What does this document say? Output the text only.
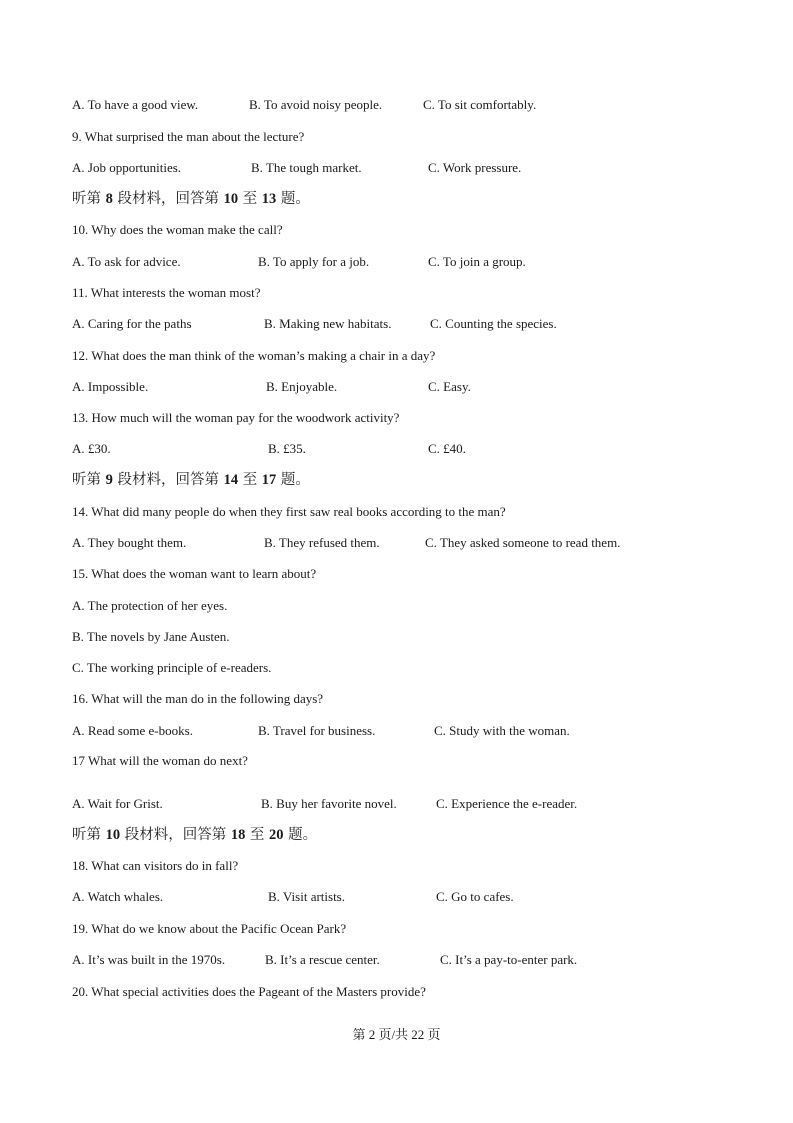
A. To have a good view.	B. To avoid noisy people.	C. To sit comfortably.
9. What surprised the man about the lecture?
A. Job opportunities.	B. The tough market.	C. Work pressure.
听第 8 段材料，回答第 10 至 13 题。
10. Why does the woman make the call?
A. To ask for advice.	B. To apply for a job.	C. To join a group.
11. What interests the woman most?
A. Caring for the paths	B. Making new habitats.	C. Counting the species.
12. What does the man think of the woman’s making a chair in a day?
A. Impossible.	B. Enjoyable.	C. Easy.
13. How much will the woman pay for the woodwork activity?
A. £30.	B. £35.	C. £40.
听第 9 段材料，回答第 14 至 17 题。
14. What did many people do when they first saw real books according to the man?
A. They bought them.	B. They refused them.	C. They asked someone to read them.
15. What does the woman want to learn about?
A. The protection of her eyes.
B. The novels by Jane Austen.
C. The working principle of e-readers.
16. What will the man do in the following days?
A. Read some e-books.	B. Travel for business.	C. Study with the woman.
17 What will the woman do next?
A. Wait for Grist.	B. Buy her favorite novel.	C. Experience the e-reader.
听第 10 段材料，回答第 18 至 20 题。
18. What can visitors do in fall?
A. Watch whales.	B. Visit artists.	C. Go to cafes.
19. What do we know about the Pacific Ocean Park?
A. It’s was built in the 1970s.	B. It’s a rescue center.	C. It’s a pay-to-enter park.
20. What special activities does the Pageant of the Masters provide?
第 2 页/共 22 页
